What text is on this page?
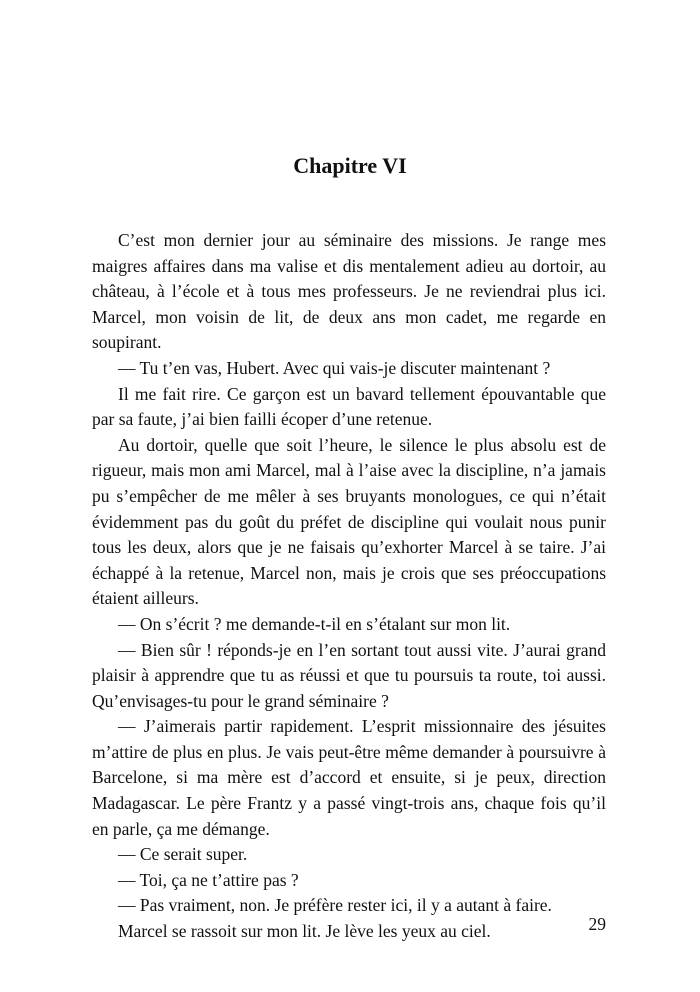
Chapitre VI

C’est mon dernier jour au séminaire des missions. Je range mes maigres affaires dans ma valise et dis mentalement adieu au dortoir, au château, à l’école et à tous mes professeurs. Je ne reviendrai plus ici. Marcel, mon voisin de lit, de deux ans mon cadet, me regarde en soupirant.

— Tu t’en vas, Hubert. Avec qui vais-je discuter maintenant ?

Il me fait rire. Ce garçon est un bavard tellement épouvantable que par sa faute, j’ai bien failli écoper d’une retenue.

Au dortoir, quelle que soit l’heure, le silence le plus absolu est de rigueur, mais mon ami Marcel, mal à l’aise avec la discipline, n’a jamais pu s’empêcher de me mêler à ses bruyants monologues, ce qui n’était évidemment pas du goût du préfet de discipline qui voulait nous punir tous les deux, alors que je ne faisais qu’exhorter Marcel à se taire. J’ai échappé à la retenue, Marcel non, mais je crois que ses préoccupations étaient ailleurs.

— On s’écrit ? me demande-t-il en s’étalant sur mon lit.

— Bien sûr ! réponds-je en l’en sortant tout aussi vite. J’aurai grand plaisir à apprendre que tu as réussi et que tu poursuis ta route, toi aussi. Qu’envisages-tu pour le grand séminaire ?

— J’aimerais partir rapidement. L’esprit missionnaire des jésuites m’attire de plus en plus. Je vais peut-être même demander à poursuivre à Barcelone, si ma mère est d’accord et ensuite, si je peux, direction Madagascar. Le père Frantz y a passé vingt-trois ans, chaque fois qu’il en parle, ça me démange.

— Ce serait super.

— Toi, ça ne t’attire pas ?

— Pas vraiment, non. Je préfère rester ici, il y a autant à faire.

Marcel se rassoit sur mon lit. Je lève les yeux au ciel.	29
